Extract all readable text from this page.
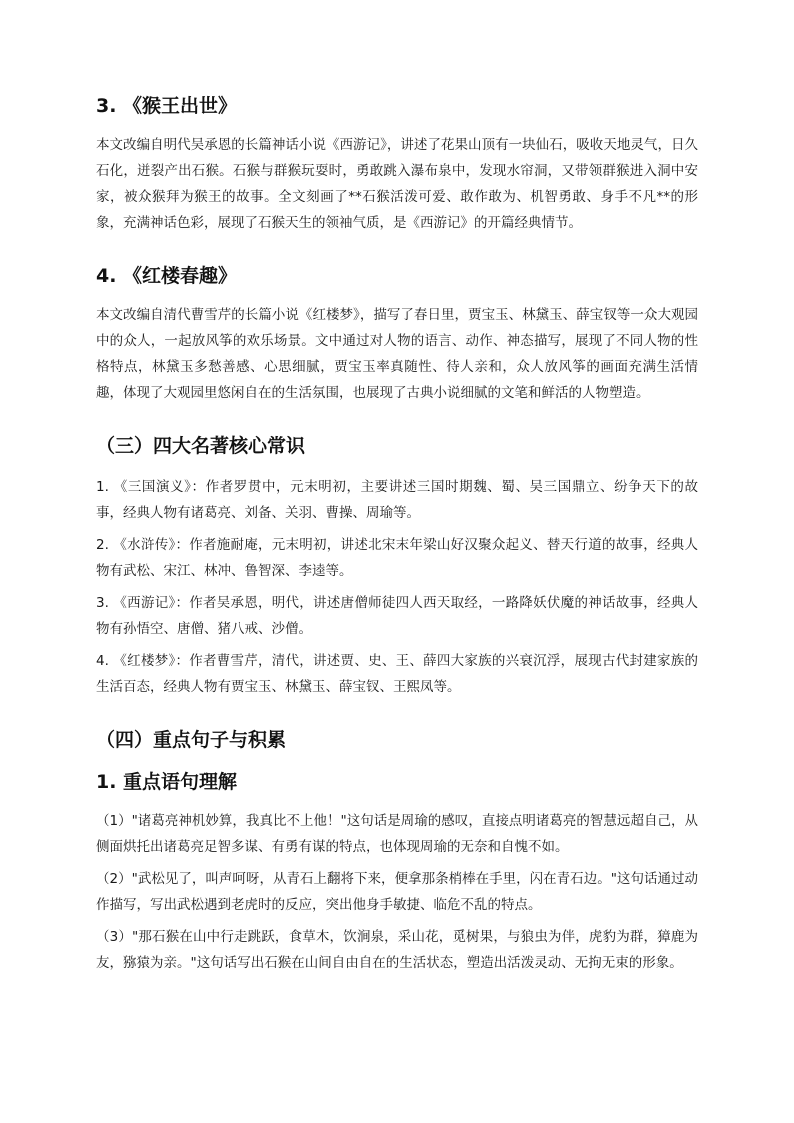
3. 《猴王出世》

本文改编自明代吴承恩的长篇神话小说《西游记》，讲述了花果山顶有一块仙石，吸收天地灵气，日久石化，迸裂产出石猴。石猴与群猴玩耍时，勇敢跳入瀑布泉中，发现水帘洞，又带领群猴进入洞中安家，被众猴拜为猴王的故事。全文刻画了**石猴活泼可爱、敢作敢为、机智勇敢、身手不凡**的形象，充满神话色彩，展现了石猴天生的领袖气质，是《西游记》的开篇经典情节。

4. 《红楼春趣》

本文改编自清代曹雪芹的长篇小说《红楼梦》，描写了春日里，贾宝玉、林黛玉、薛宝钗等一众大观园中的众人，一起放风筝的欢乐场景。文中通过对人物的语言、动作、神态描写，展现了不同人物的性格特点，林黛玉多愁善感、心思细腻，贾宝玉率真随性、待人亲和，众人放风筝的画面充满生活情趣，体现了大观园里悠闲自在的生活氛围，也展现了古典小说细腻的文笔和鲜活的人物塑造。

（三）四大名著核心常识
1. 《三国演义》：作者罗贯中，元末明初，主要讲述三国时期魏、蜀、吴三国鼎立、纷争天下的故事，经典人物有诸葛亮、刘备、关羽、曹操、周瑜等。
2. 《水浒传》：作者施耐庵，元末明初，讲述北宋末年梁山好汉聚众起义、替天行道的故事，经典人物有武松、宋江、林冲、鲁智深、李逵等。
3. 《西游记》：作者吴承恩，明代，讲述唐僧师徒四人西天取经，一路降妖伏魔的神话故事，经典人物有孙悟空、唐僧、猪八戒、沙僧。
4. 《红楼梦》：作者曹雪芹，清代，讲述贾、史、王、薛四大家族的兴衰沉浮，展现古代封建家族的生活百态，经典人物有贾宝玉、林黛玉、薛宝钗、王熙凤等。
（四）重点句子与积累
1. 重点语句理解
（1）"诸葛亮神机妙算，我真比不上他！"这句话是周瑜的感叹，直接点明诸葛亮的智慧远超自己，从侧面烘托出诸葛亮足智多谋、有勇有谋的特点，也体现周瑜的无奈和自愧不如。
（2）"武松见了，叫声呵呀，从青石上翻将下来，便拿那条梢棒在手里，闪在青石边。"这句话通过动作描写，写出武松遇到老虎时的反应，突出他身手敏捷、临危不乱的特点。
（3）"那石猴在山中行走跳跃，食草木，饮涧泉，采山花，觅树果，与狼虫为伴，虎豹为群，獐鹿为友，猕猿为亲。"这句话写出石猴在山间自由自在的生活状态，塑造出活泼灵动、无拘无束的形象。
